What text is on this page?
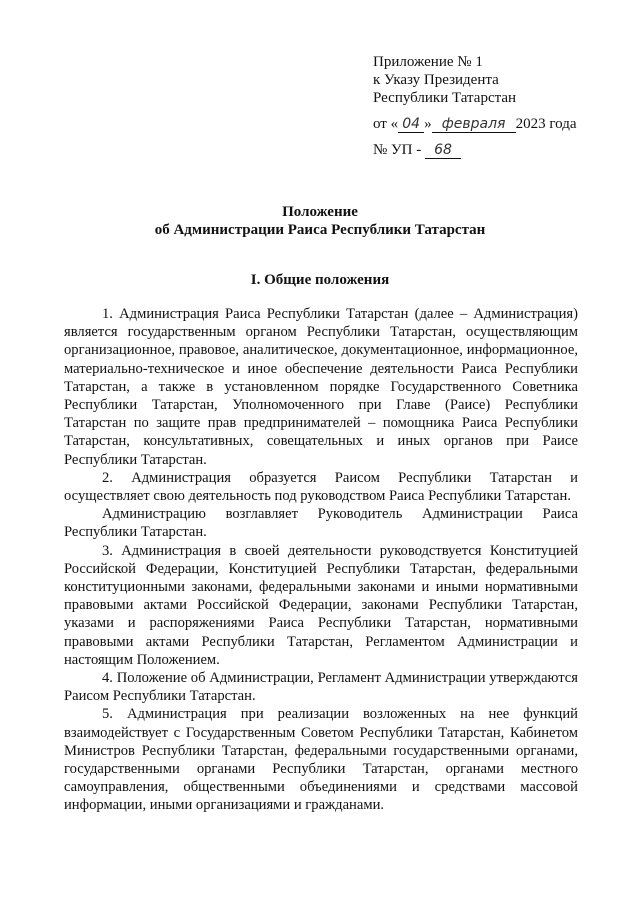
Приложение № 1
к Указу Президента
Республики Татарстан
от « 04 » февраля 2023 года
№ УП - 68
Положение
об Администрации Раиса Республики Татарстан
I. Общие положения

1. Администрация Раиса Республики Татарстан (далее – Администрация) является государственным органом Республики Татарстан, осуществляющим организационное, правовое, аналитическое, документационное, информационное, материально-техническое и иное обеспечение деятельности Раиса Республики Татарстан, а также в установленном порядке Государственного Советника Республики Татарстан, Уполномоченного при Главе (Раисе) Республики Татарстан по защите прав предпринимателей – помощника Раиса Республики Татарстан, консультативных, совещательных и иных органов при Раисе Республики Татарстан.

2. Администрация образуется Раисом Республики Татарстан и осуществляет свою деятельность под руководством Раиса Республики Татарстан.

Администрацию возглавляет Руководитель Администрации Раиса Республики Татарстан.

3. Администрация в своей деятельности руководствуется Конституцией Российской Федерации, Конституцией Республики Татарстан, федеральными конституционными законами, федеральными законами и иными нормативными правовыми актами Российской Федерации, законами Республики Татарстан, указами и распоряжениями Раиса Республики Татарстан, нормативными правовыми актами Республики Татарстан, Регламентом Администрации и настоящим Положением.

4. Положение об Администрации, Регламент Администрации утверждаются Раисом Республики Татарстан.

5. Администрация при реализации возложенных на нее функций взаимодействует с Государственным Советом Республики Татарстан, Кабинетом Министров Республики Татарстан, федеральными государственными органами, государственными органами Республики Татарстан, органами местного самоуправления, общественными объединениями и средствами массовой информации, иными организациями и гражданами.
